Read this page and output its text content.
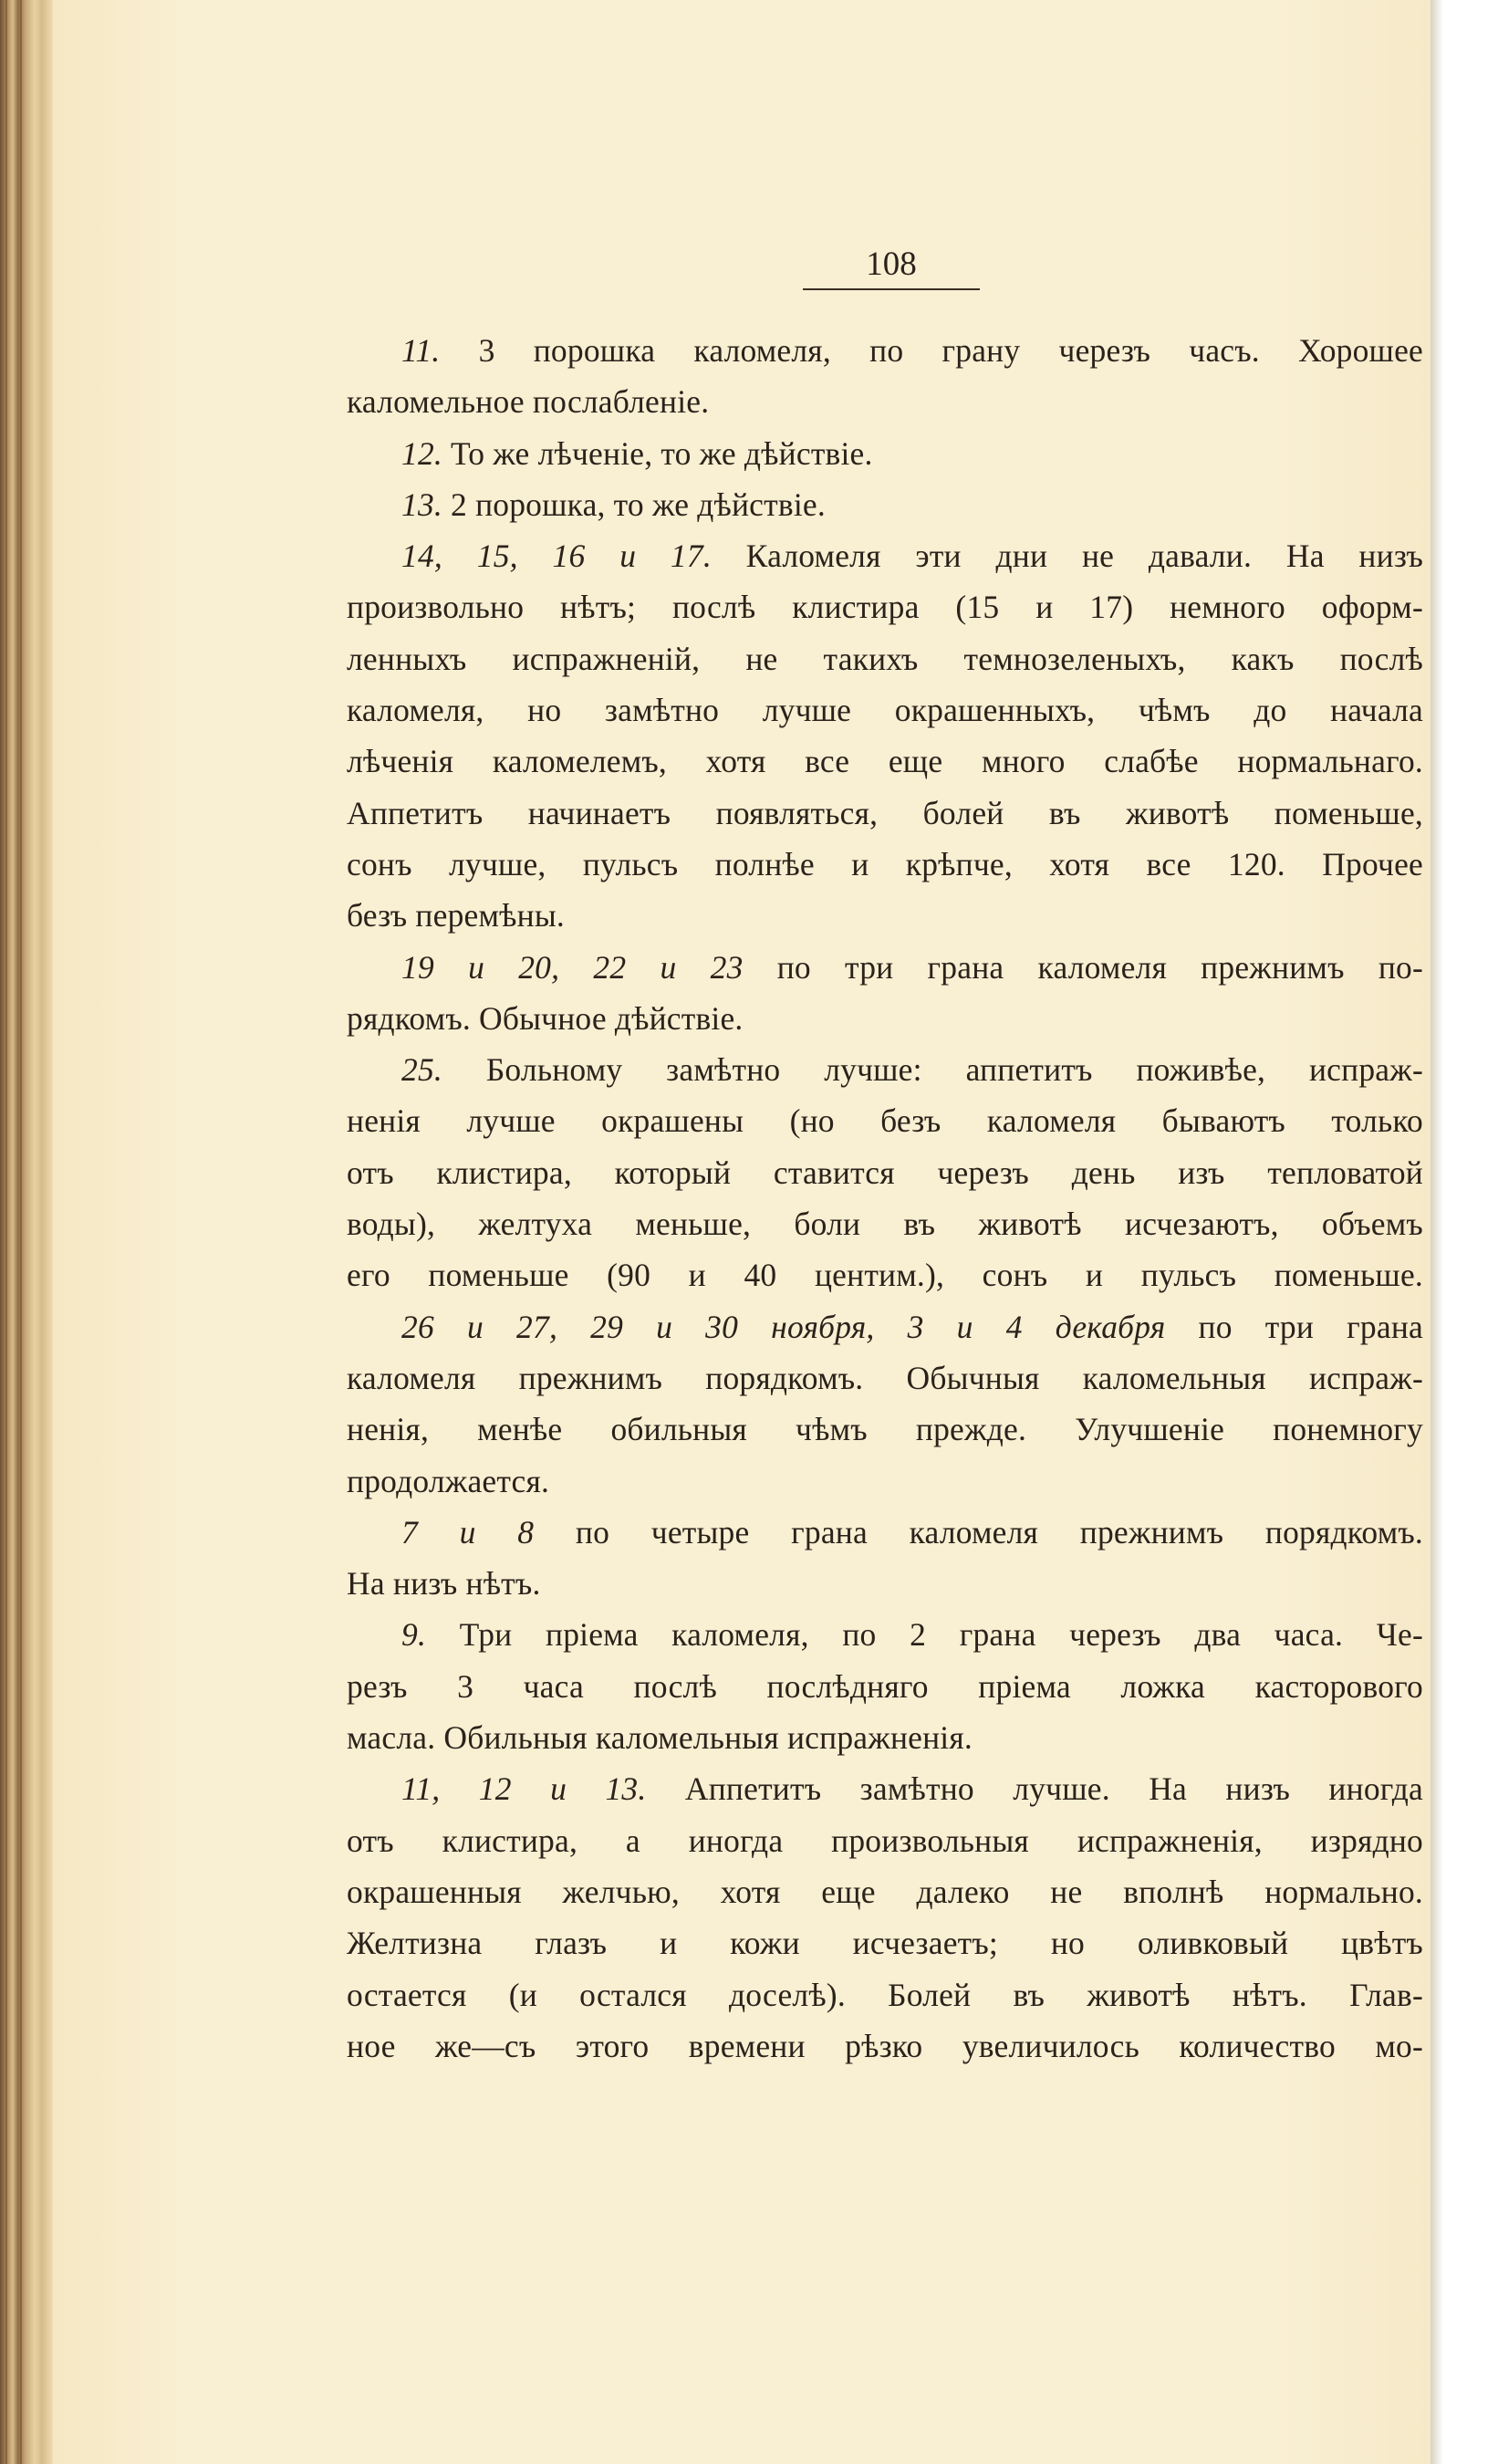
108
11. 3 порошка каломеля, по грану черезъ часъ. Хорошее
каломельное послабленіе.
12. То же лѣченіе, то же дѣйствіе.
13. 2 порошка, то же дѣйствіе.
14, 15, 16 и 17. Каломеля эти дни не давали. На низъ
произвольно нѣтъ; послѣ клистира (15 и 17) немного оформ-
ленныхъ испражненій, не такихъ темнозеленыхъ, какъ послѣ
каломеля, но замѣтно лучше окрашенныхъ, чѣмъ до начала
лѣченія каломелемъ, хотя все еще много слабѣе нормальнаго.
Аппетитъ начинаетъ появляться, болей въ животѣ поменьше,
сонъ лучше, пульсъ полнѣе и крѣпче, хотя все 120. Прочее
безъ перемѣны.
19 и 20, 22 и 23 по три грана каломеля прежнимъ по-
рядкомъ. Обычное дѣйствіе.
25. Больному замѣтно лучше: аппетитъ поживѣе, испраж-
ненія лучше окрашены (но безъ каломеля бываютъ только
отъ клистира, который ставится черезъ день изъ тепловатой
воды), желтуха меньше, боли въ животѣ исчезаютъ, объемъ
его поменьше (90 и 40 центим.), сонъ и пульсъ поменьше.
26 и 27, 29 и 30 ноября, 3 и 4 декабря по три грана
каломеля прежнимъ порядкомъ. Обычныя каломельныя испраж-
ненія, менѣе обильныя чѣмъ прежде. Улучшеніе понемногу
продолжается.
7 и 8 по четыре грана каломеля прежнимъ порядкомъ.
На низъ нѣтъ.
9. Три пріема каломеля, по 2 грана черезъ два часа. Че-
резъ 3 часа послѣ послѣдняго пріема ложка касторового
масла. Обильныя каломельныя испражненія.
11, 12 и 13. Аппетитъ замѣтно лучше. На низъ иногда
отъ клистира, а иногда произвольныя испражненія, изрядно
окрашенныя желчью, хотя еще далеко не вполнѣ нормально.
Желтизна глазъ и кожи исчезаетъ; но оливковый цвѣтъ
остается (и остался доселѣ). Болей въ животѣ нѣтъ. Глав-
ное же—съ этого времени рѣзко увеличилось количество мо-
